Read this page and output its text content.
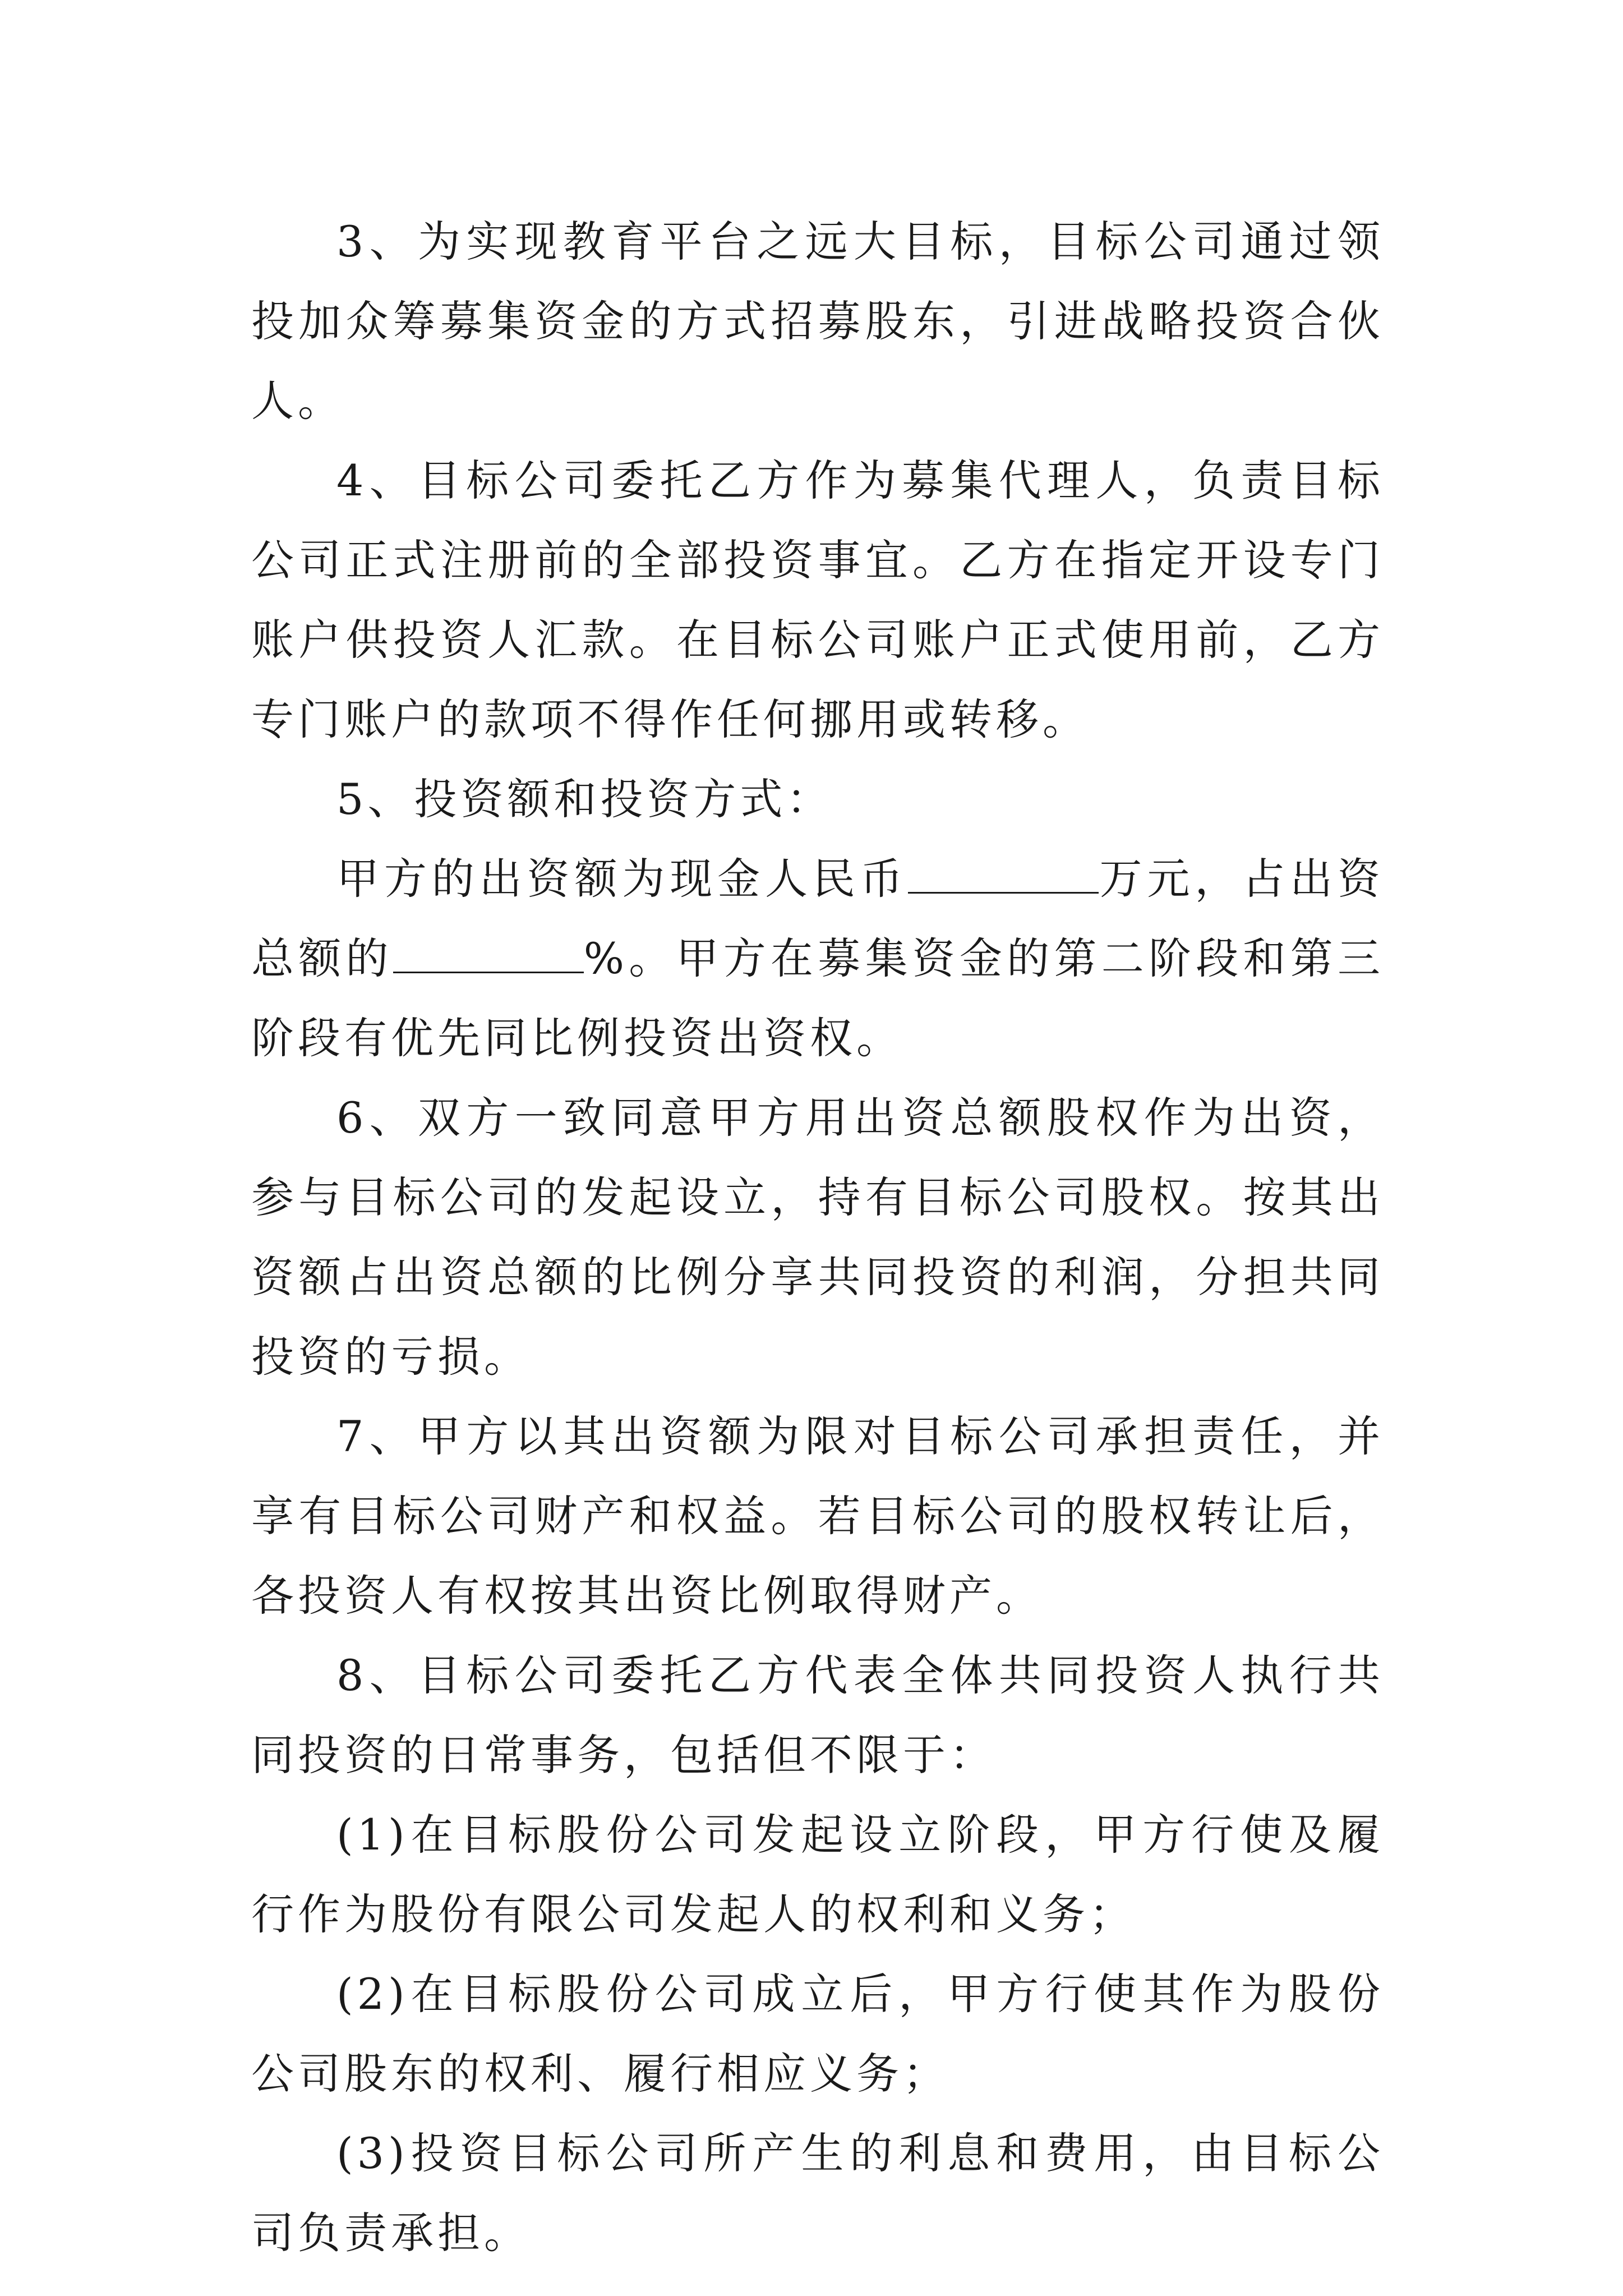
3、为实现教育平台之远大目标，目标公司通过领投加众筹募集资金的方式招募股东，引进战略投资合伙人。

4、目标公司委托乙方作为募集代理人，负责目标公司正式注册前的全部投资事宜。乙方在指定开设专门账户供投资人汇款。在目标公司账户正式使用前，乙方专门账户的款项不得作任何挪用或转移。

5、投资额和投资方式：

甲方的出资额为现金人民币	万元，占出资总额的	%。甲方在募集资金的第二阶段和第三阶段有优先同比例投资出资权。

6、双方一致同意甲方用出资总额股权作为出资，参与目标公司的发起设立，持有目标公司股权。按其出资额占出资总额的比例分享共同投资的利润，分担共同投资的亏损。

7、甲方以其出资额为限对目标公司承担责任，并享有目标公司财产和权益。若目标公司的股权转让后，各投资人有权按其出资比例取得财产。

8、目标公司委托乙方代表全体共同投资人执行共同投资的日常事务，包括但不限于：

(1)在目标股份公司发起设立阶段，甲方行使及履行作为股份有限公司发起人的权利和义务；

(2)在目标股份公司成立后，甲方行使其作为股份公司股东的权利、履行相应义务；

(3)投资目标公司所产生的利息和费用，由目标公司负责承担。
